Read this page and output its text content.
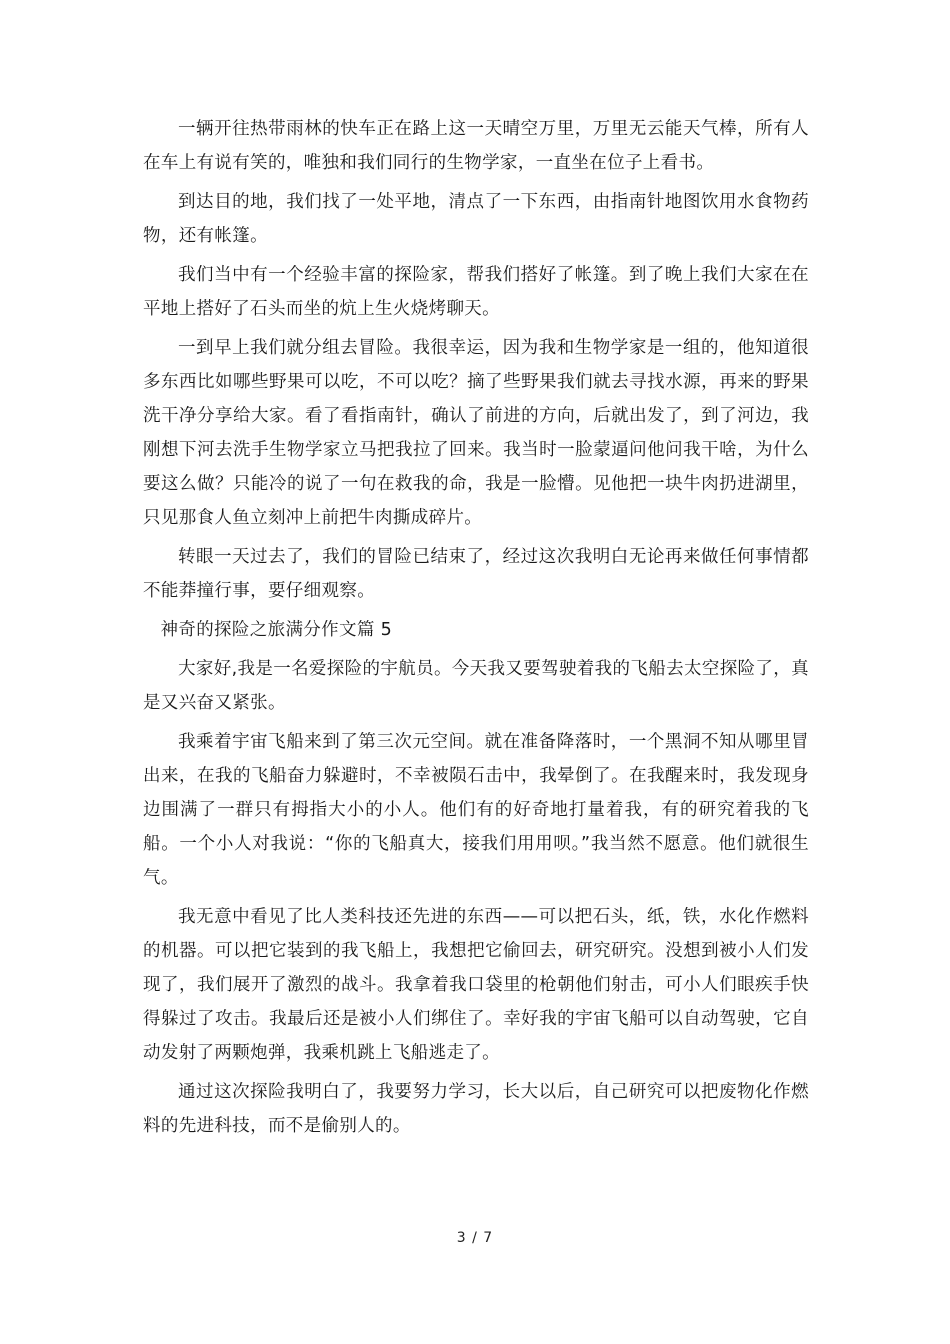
一辆开往热带雨林的快车正在路上这一天晴空万里，万里无云能天气棒，所有人在车上有说有笑的，唯独和我们同行的生物学家，一直坐在位子上看书。

到达目的地，我们找了一处平地，清点了一下东西，由指南针地图饮用水食物药物，还有帐篷。

我们当中有一个经验丰富的探险家，帮我们搭好了帐篷。到了晚上我们大家在在平地上搭好了石头而坐的炕上生火烧烤聊天。

一到早上我们就分组去冒险。我很幸运，因为我和生物学家是一组的，他知道很多东西比如哪些野果可以吃，不可以吃？摘了些野果我们就去寻找水源，再来的野果洗干净分享给大家。看了看指南针，确认了前进的方向，后就出发了，到了河边，我刚想下河去洗手生物学家立马把我拉了回来。我当时一脸蒙逼问他问我干啥，为什么要这么做？只能冷的说了一句在救我的命，我是一脸懵。见他把一块牛肉扔进湖里，只见那食人鱼立刻冲上前把牛肉撕成碎片。

转眼一天过去了，我们的冒险已结束了，经过这次我明白无论再来做任何事情都不能莽撞行事，要仔细观察。

神奇的探险之旅满分作文篇 5

大家好,我是一名爱探险的宇航员。今天我又要驾驶着我的飞船去太空探险了，真是又兴奋又紧张。

我乘着宇宙飞船来到了第三次元空间。就在准备降落时，一个黑洞不知从哪里冒出来，在我的飞船奋力躲避时，不幸被陨石击中，我晕倒了。在我醒来时，我发现身边围满了一群只有拇指大小的小人。他们有的好奇地打量着我，有的研究着我的飞船。一个小人对我说：“你的飞船真大，接我们用用呗。”我当然不愿意。他们就很生气。

我无意中看见了比人类科技还先进的东西——可以把石头，纸，铁，水化作燃料的机器。可以把它装到的我飞船上，我想把它偷回去，研究研究。没想到被小人们发现了，我们展开了激烈的战斗。我拿着我口袋里的枪朝他们射击，可小人们眼疾手快得躲过了攻击。我最后还是被小人们绑住了。幸好我的宇宙飞船可以自动驾驶，它自动发射了两颗炮弹，我乘机跳上飞船逃走了。

通过这次探险我明白了，我要努力学习，长大以后，自己研究可以把废物化作燃料的先进科技，而不是偷别人的。

3 / 7
